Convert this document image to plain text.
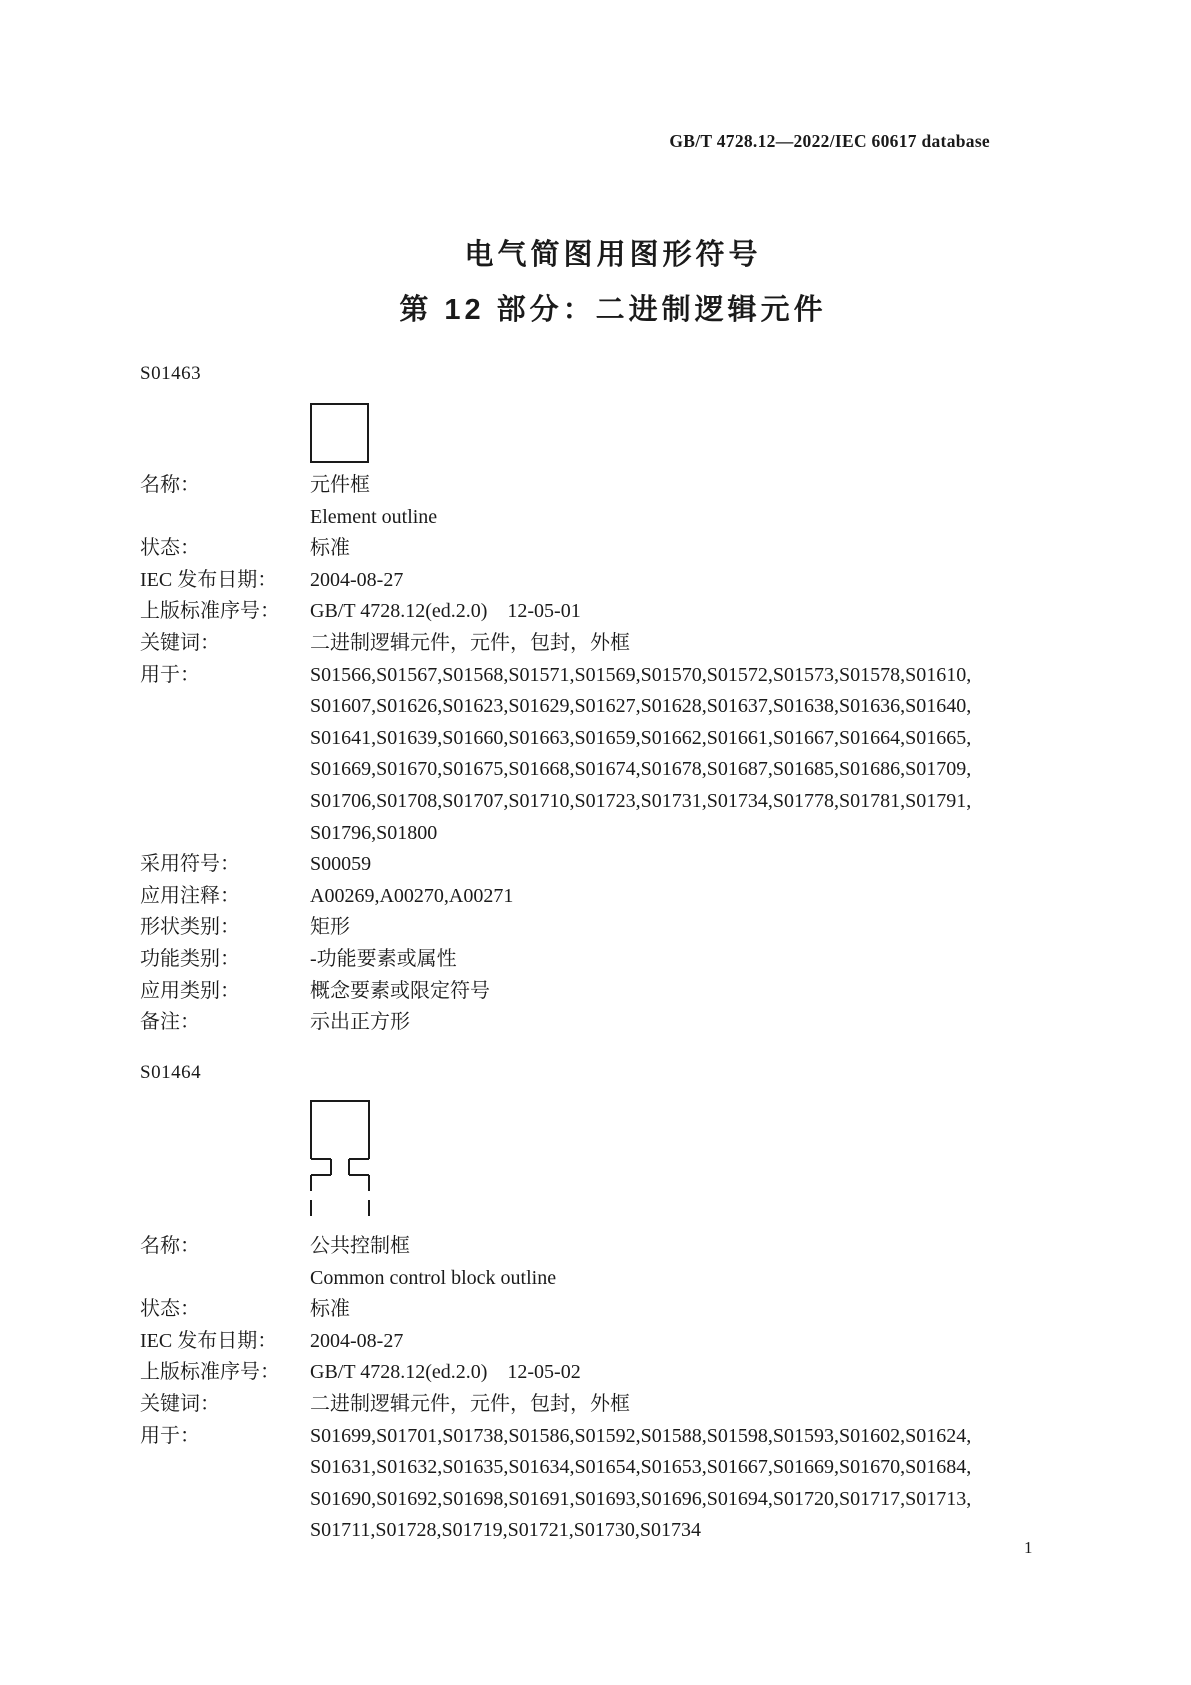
GB/T 4728.12—2022/IEC 60617 database
电气简图用图形符号
第 12 部分：二进制逻辑元件
S01463
名称：	元件框
Element outline
状态：	标准
IEC 发布日期：	2004-08-27
上版标准序号：	GB/T 4728.12(ed.2.0)    12-05-01
关键词：	二进制逻辑元件，元件，包封，外框
用于：	S01566,S01567,S01568,S01571,S01569,S01570,S01572,S01573,S01578,S01610,
S01607,S01626,S01623,S01629,S01627,S01628,S01637,S01638,S01636,S01640,
S01641,S01639,S01660,S01663,S01659,S01662,S01661,S01667,S01664,S01665,
S01669,S01670,S01675,S01668,S01674,S01678,S01687,S01685,S01686,S01709,
S01706,S01708,S01707,S01710,S01723,S01731,S01734,S01778,S01781,S01791,
S01796,S01800
采用符号：	S00059
应用注释：	A00269,A00270,A00271
形状类别：	矩形
功能类别：	-功能要素或属性
应用类别：	概念要素或限定符号
备注：	示出正方形
S01464
名称：	公共控制框
Common control block outline
状态：	标准
IEC 发布日期：	2004-08-27
上版标准序号：	GB/T 4728.12(ed.2.0)    12-05-02
关键词：	二进制逻辑元件，元件，包封，外框
用于：	S01699,S01701,S01738,S01586,S01592,S01588,S01598,S01593,S01602,S01624,
S01631,S01632,S01635,S01634,S01654,S01653,S01667,S01669,S01670,S01684,
S01690,S01692,S01698,S01691,S01693,S01696,S01694,S01720,S01717,S01713,
S01711,S01728,S01719,S01721,S01730,S01734
1
